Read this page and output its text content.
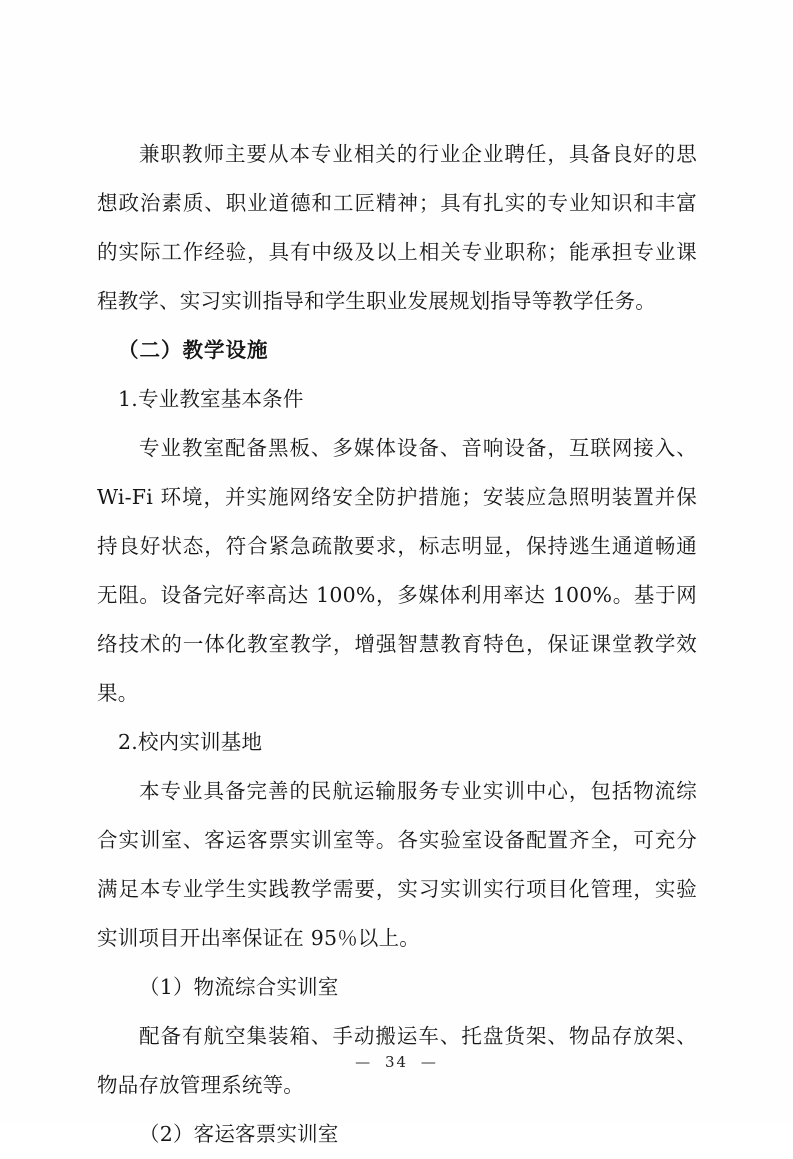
兼职教师主要从本专业相关的行业企业聘任，具备良好的思想政治素质、职业道德和工匠精神；具有扎实的专业知识和丰富的实际工作经验，具有中级及以上相关专业职称；能承担专业课程教学、实习实训指导和学生职业发展规划指导等教学任务。

（二）教学设施

1.专业教室基本条件

专业教室配备黑板、多媒体设备、音响设备，互联网接入、Wi-Fi 环境，并实施网络安全防护措施；安装应急照明装置并保持良好状态，符合紧急疏散要求，标志明显，保持逃生通道畅通无阻。设备完好率高达 100%，多媒体利用率达 100%。基于网络技术的一体化教室教学，增强智慧教育特色，保证课堂教学效果。

2.校内实训基地

本专业具备完善的民航运输服务专业实训中心，包括物流综合实训室、客运客票实训室等。各实验室设备配置齐全，可充分满足本专业学生实践教学需要，实习实训实行项目化管理，实验实训项目开出率保证在 95％以上。

（1）物流综合实训室

配备有航空集装箱、手动搬运车、托盘货架、物品存放架、物品存放管理系统等。

（2）客运客票实训室

— 34 —
